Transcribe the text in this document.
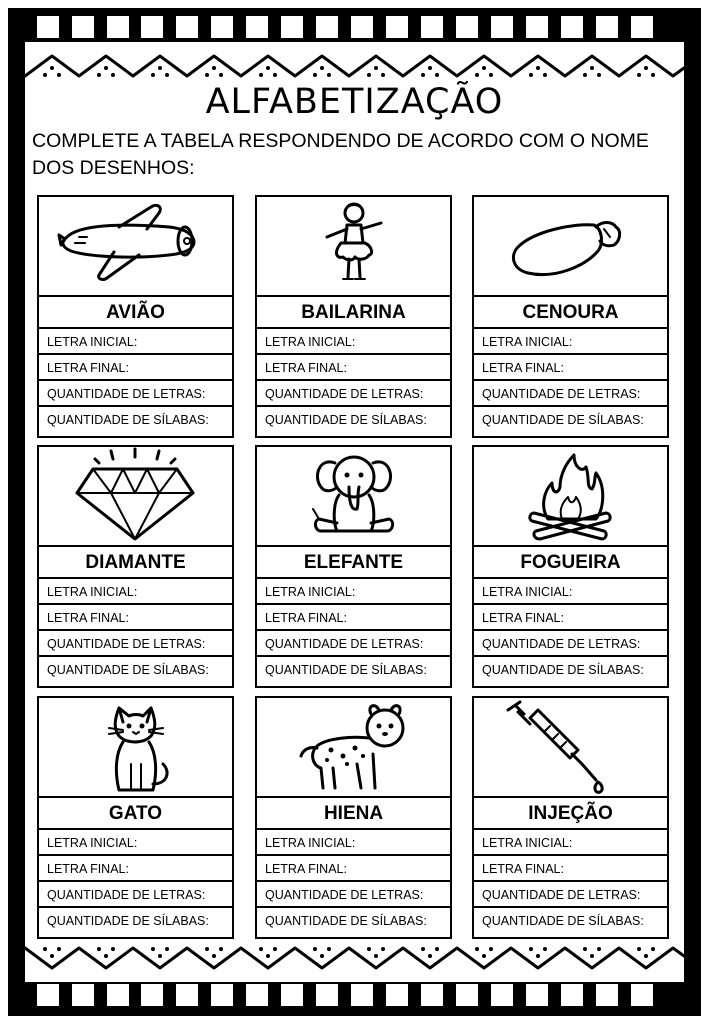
ALFABETIZAÇÃO
COMPLETE A TABELA RESPONDENDO DE ACORDO COM O NOME DOS DESENHOS:
AVIÃO
LETRA INICIAL:
LETRA FINAL:
QUANTIDADE DE LETRAS:
QUANTIDADE DE SÍLABAS:
BAILARINA
LETRA INICIAL:
LETRA FINAL:
QUANTIDADE DE LETRAS:
QUANTIDADE DE SÍLABAS:
CENOURA
LETRA INICIAL:
LETRA FINAL:
QUANTIDADE DE LETRAS:
QUANTIDADE DE SÍLABAS:
DIAMANTE
LETRA INICIAL:
LETRA FINAL:
QUANTIDADE DE LETRAS:
QUANTIDADE DE SÍLABAS:
ELEFANTE
LETRA INICIAL:
LETRA FINAL:
QUANTIDADE DE LETRAS:
QUANTIDADE DE SÍLABAS:
FOGUEIRA
LETRA INICIAL:
LETRA FINAL:
QUANTIDADE DE LETRAS:
QUANTIDADE DE SÍLABAS:
GATO
LETRA INICIAL:
LETRA FINAL:
QUANTIDADE DE LETRAS:
QUANTIDADE DE SÍLABAS:
HIENA
LETRA INICIAL:
LETRA FINAL:
QUANTIDADE DE LETRAS:
QUANTIDADE DE SÍLABAS:
INJEÇÃO
LETRA INICIAL:
LETRA FINAL:
QUANTIDADE DE LETRAS:
QUANTIDADE DE SÍLABAS:
